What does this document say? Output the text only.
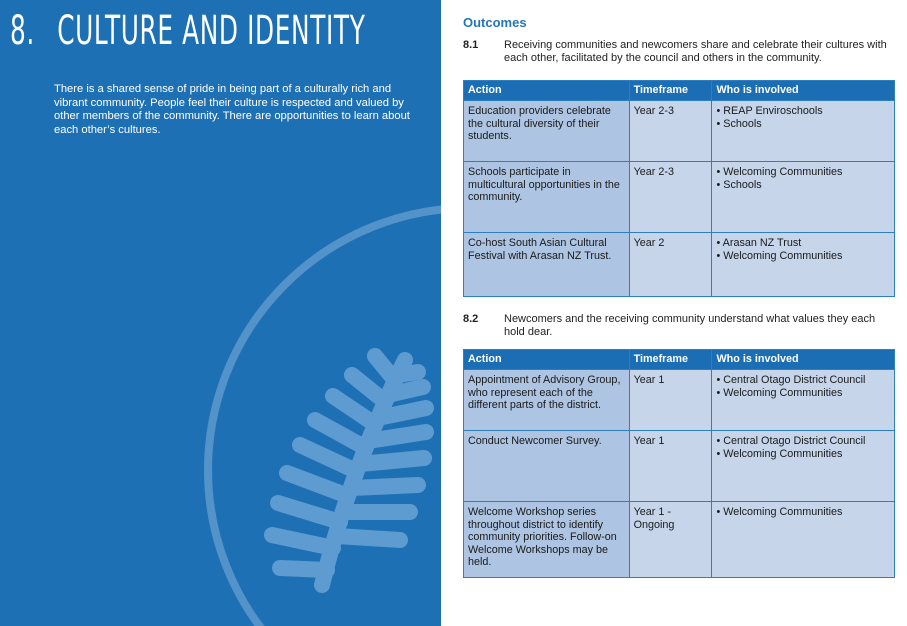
8. CULTURE AND IDENTITY
There is a shared sense of pride in being part of a culturally rich and vibrant community. People feel their culture is respected and valued by other members of the community. There are opportunities to learn about each other’s cultures.
Outcomes
8.1 Receiving communities and newcomers share and celebrate their cultures with each other, facilitated by the council and others in the community.
Action	Timeframe	Who is involved
Education providers celebrate the cultural diversity of their students.	Year 2-3	• REAP Enviroschools
• Schools

Schools participate in multicultural opportunities in the community.	Year 2-3	• Welcoming Communities
• Schools

Co-host South Asian Cultural Festival with Arasan NZ Trust.	Year 2	• Arasan NZ Trust
• Welcoming Communities
8.2 Newcomers and the receiving community understand what values they each hold dear.
Action	Timeframe	Who is involved
Appointment of Advisory Group, who represent each of the different parts of the district.	Year 1	• Central Otago District Council
• Welcoming Communities

Conduct Newcomer Survey.	Year 1	• Central Otago District Council
• Welcoming Communities

Welcome Workshop series throughout district to identify community priorities. Follow-on Welcome Workshops may be held.	Year 1 - Ongoing	• Welcoming Communities
